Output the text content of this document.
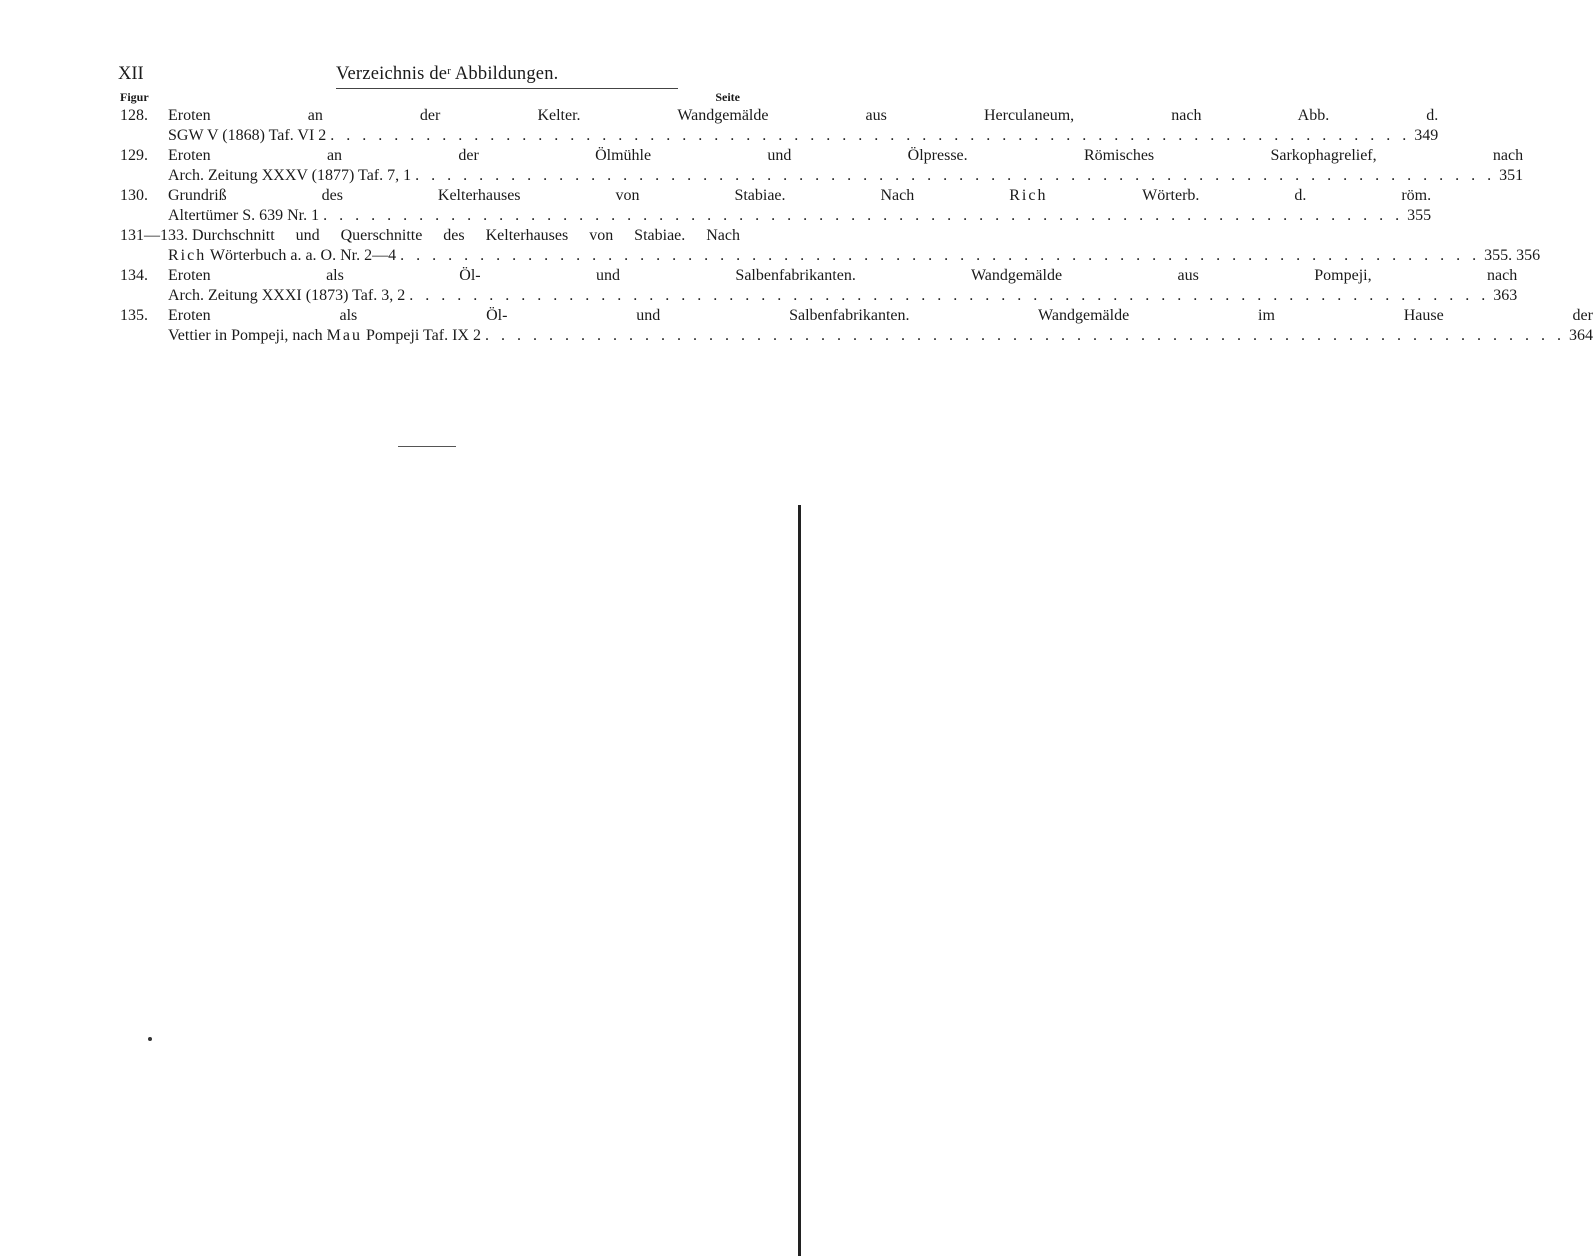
XII	Verzeichnis $de^r$ Abbildungen.
Figur	Seite
128.	Eroten an der Kelter. Wandgemälde aus Herculaneum, nach Abb. d.
SGW V (1868) Taf. VI 2 . . .	349
129.	Eroten an der Ölmühle und Ölpresse. Römisches Sarkophagrelief, nach
Arch. Zeitung XXXV (1877) Taf. 7, 1 . . .	351
130.	Grundriß des Kelterhauses von Stabiae. Nach Rich Wörterb. d. röm.
Altertümer S. 639 Nr. 1 . . .	355
131—133. Durchschnitt und Querschnitte des Kelterhauses von Stabiae. Nach
Rich Wörterbuch a. a. O. Nr. 2—4 . . .	355. 356
134.	Eroten als Öl- und Salbenfabrikanten. Wandgemälde aus Pompeji, nach
Arch. Zeitung XXXI (1873) Taf. 3, 2 . . .	363
135.	Eroten als Öl- und Salbenfabrikanten. Wandgemälde im Hause der
Vettier in Pompeji, nach Mau Pompeji Taf. IX 2 . . .	364
